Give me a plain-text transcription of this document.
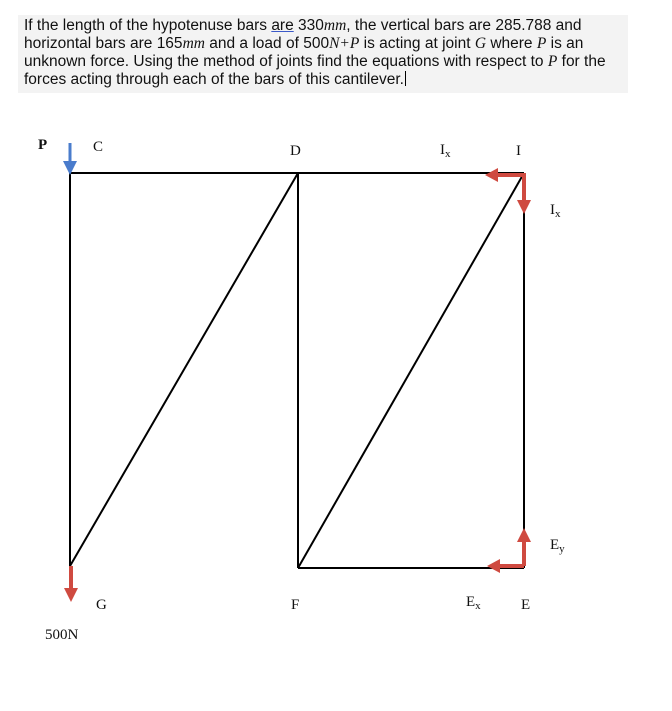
If the length of the hypotenuse bars are 330mm, the vertical bars are 285.788 and horizontal bars are 165mm and a load of 500N+P is acting at joint G where P is an unknown force. Using the method of joints find the equations with respect to P for the forces acting through each of the bars of this cantilever.
P	C	D	$I_x$	I
$I_x$
$E_y$
G	F	$E_x$	E
500N
